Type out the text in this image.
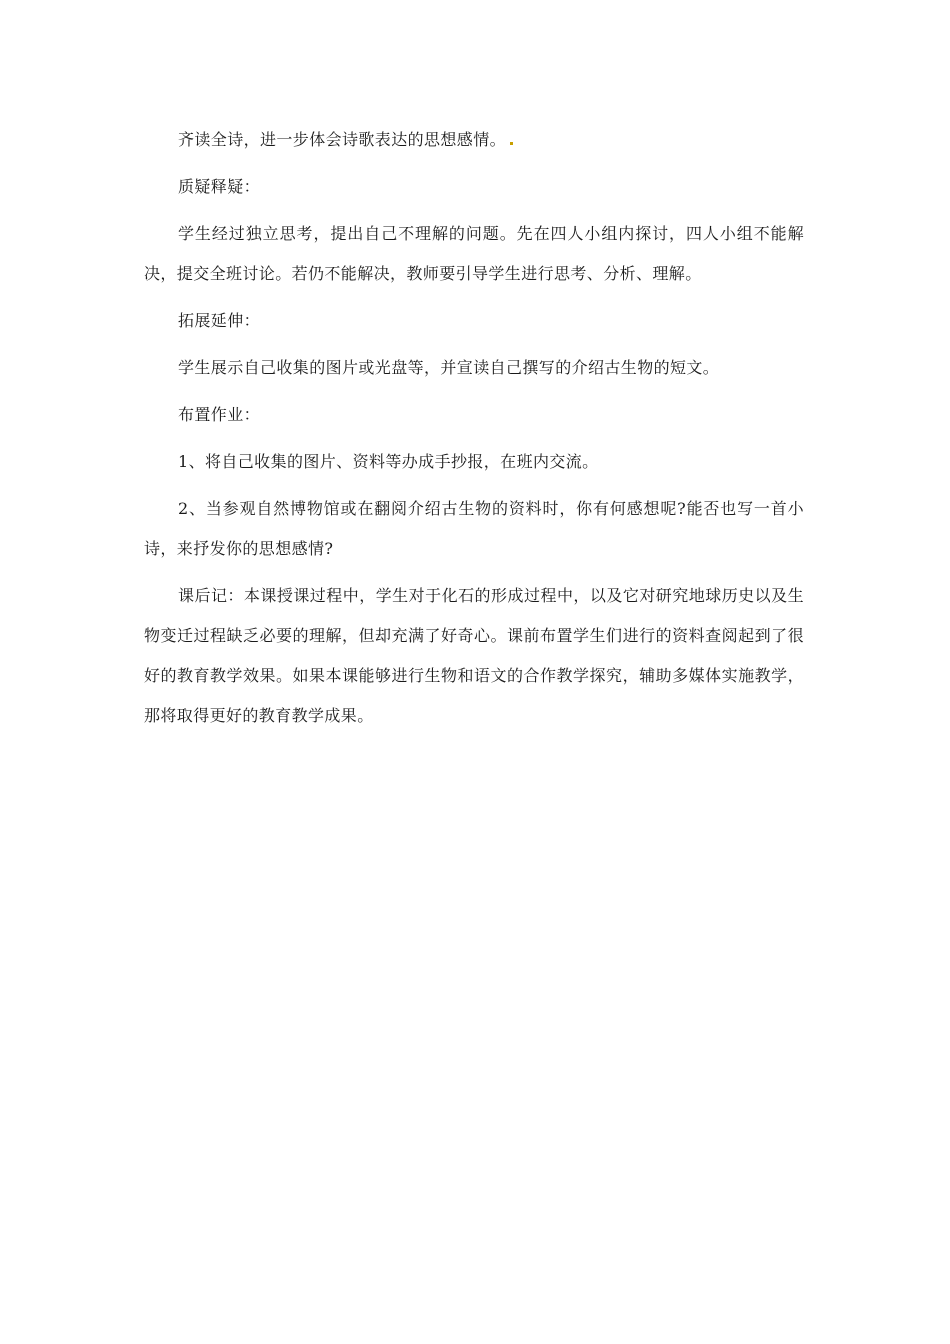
齐读全诗，进一步体会诗歌表达的思想感情。

质疑释疑：

学生经过独立思考，提出自己不理解的问题。先在四人小组内探讨，四人小组不能解决，提交全班讨论。若仍不能解决，教师要引导学生进行思考、分析、理解。

拓展延伸：

学生展示自己收集的图片或光盘等，并宣读自己撰写的介绍古生物的短文。

布置作业：

1、将自己收集的图片、资料等办成手抄报，在班内交流。

2、当参观自然博物馆或在翻阅介绍古生物的资料时，你有何感想呢?能否也写一首小诗，来抒发你的思想感情?

课后记：本课授课过程中，学生对于化石的形成过程中，以及它对研究地球历史以及生物变迁过程缺乏必要的理解，但却充满了好奇心。课前布置学生们进行的资料查阅起到了很好的教育教学效果。如果本课能够进行生物和语文的合作教学探究，辅助多媒体实施教学，那将取得更好的教育教学成果。
